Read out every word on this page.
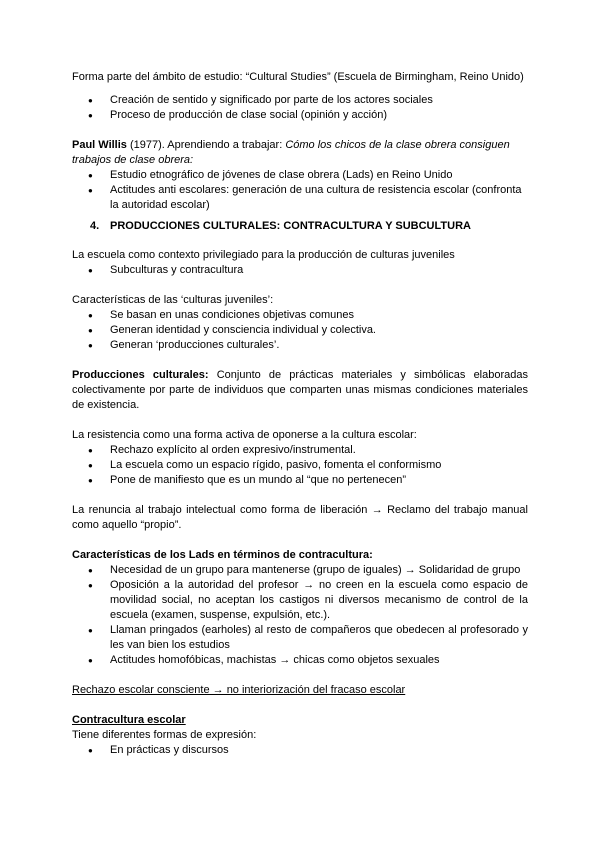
Forma parte del ámbito de estudio: “Cultural Studies” (Escuela de Birmingham, Reino Unido)

● Creación de sentido y significado por parte de los actores sociales
● Proceso de producción de clase social (opinión y acción)

Paul Willis (1977). Aprendiendo a trabajar: Cómo los chicos de la clase obrera consiguen trabajos de clase obrera:

● Estudio etnográfico de jóvenes de clase obrera (Lads) en Reino Unido
● Actitudes anti escolares: generación de una cultura de resistencia escolar (confronta la autoridad escolar)
4. PRODUCCIONES CULTURALES: CONTRACULTURA Y SUBCULTURA

La escuela como contexto privilegiado para la producción de culturas juveniles

● Subculturas y contracultura

Características de las ‘culturas juveniles’:

● Se basan en unas condiciones objetivas comunes
● Generan identidad y consciencia individual y colectiva.
● Generan ‘producciones culturales’.

Producciones culturales: Conjunto de prácticas materiales y simbólicas elaboradas colectivamente por parte de individuos que comparten unas mismas condiciones materiales de existencia.

La resistencia como una forma activa de oponerse a la cultura escolar:

● Rechazo explícito al orden expresivo/instrumental.
● La escuela como un espacio rígido, pasivo, fomenta el conformismo
● Pone de manifiesto que es un mundo al “que no pertenecen”

La renuncia al trabajo intelectual como forma de liberación → Reclamo del trabajo manual como aquello “propio”.

Características de los Lads en términos de contracultura:

● Necesidad de un grupo para mantenerse (grupo de iguales) → Solidaridad de grupo
● Oposición a la autoridad del profesor → no creen en la escuela como espacio de movilidad social, no aceptan los castigos ni diversos mecanismo de control de la escuela (examen, suspense, expulsión, etc.).
● Llaman pringados (earholes) al resto de compañeros que obedecen al profesorado y les van bien los estudios
● Actitudes homofóbicas, machistas → chicas como objetos sexuales

Rechazo escolar consciente → no interiorización del fracaso escolar

Contracultura escolar

Tiene diferentes formas de expresión:

● En prácticas y discursos
